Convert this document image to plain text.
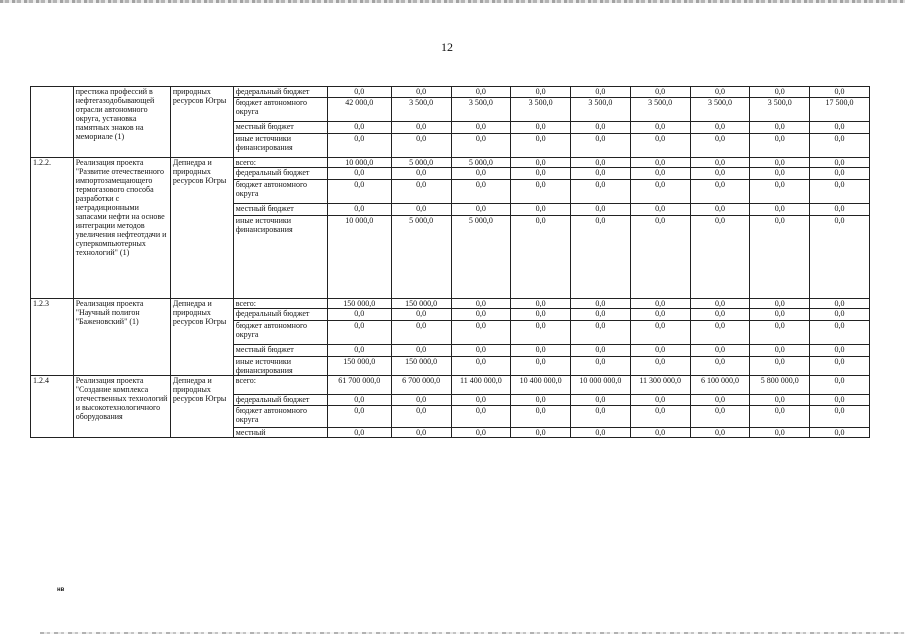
12
	престижа профессий в нефтегазодобывающей отрасли автономного округа, установка памятных знаков на мемориале (1)	природных ресурсов Югры	федеральный бюджет	0,0	0,0	0,0	0,0	0,0	0,0	0,0	0,0	0,0
			бюджет автономного округа	42 000,0	3 500,0	3 500,0	3 500,0	3 500,0	3 500,0	3 500,0	3 500,0	17 500,0
			местный бюджет	0,0	0,0	0,0	0,0	0,0	0,0	0,0	0,0	0,0
			иные источники финансирования	0,0	0,0	0,0	0,0	0,0	0,0	0,0	0,0	0,0
1.2.2.	Реализация проекта "Развитие отечественного импортозамещающего термогазового способа разработки с нетрадиционными запасами нефти на основе интеграции методов увеличения нефтеотдачи и суперкомпьютерных технологий" (1)	Депнедра и природных ресурсов Югры	всего:	10 000,0	5 000,0	5 000,0	0,0	0,0	0,0	0,0	0,0	0,0
			федеральный бюджет	0,0	0,0	0,0	0,0	0,0	0,0	0,0	0,0	0,0
			бюджет автономного округа	0,0	0,0	0,0	0,0	0,0	0,0	0,0	0,0	0,0
			местный бюджет	0,0	0,0	0,0	0,0	0,0	0,0	0,0	0,0	0,0
			иные источники финансирования	10 000,0	5 000,0	5 000,0	0,0	0,0	0,0	0,0	0,0	0,0
1.2.3	Реализация проекта "Научный полигон "Баженовский" (1)	Депнедра и природных ресурсов Югры	всего:	150 000,0	150 000,0	0,0	0,0	0,0	0,0	0,0	0,0	0,0
			федеральный бюджет	0,0	0,0	0,0	0,0	0,0	0,0	0,0	0,0	0,0
			бюджет автономного округа	0,0	0,0	0,0	0,0	0,0	0,0	0,0	0,0	0,0
			местный бюджет	0,0	0,0	0,0	0,0	0,0	0,0	0,0	0,0	0,0
			иные источники финансирования	150 000,0	150 000,0	0,0	0,0	0,0	0,0	0,0	0,0	0,0
1.2.4	Реализация проекта "Создание комплекса отечественных технологий и высокотехнологичного оборудования	Депнедра и природных ресурсов Югры	всего:	61 700 000,0	6 700 000,0	11 400 000,0	10 400 000,0	10 000 000,0	11 300 000,0	6 100 000,0	5 800 000,0	0,0
			федеральный бюджет	0,0	0,0	0,0	0,0	0,0	0,0	0,0	0,0	0,0
			бюджет автономного округа	0,0	0,0	0,0	0,0	0,0	0,0	0,0	0,0	0,0
			местный	0,0	0,0	0,0	0,0	0,0	0,0	0,0	0,0	0,0
нв
